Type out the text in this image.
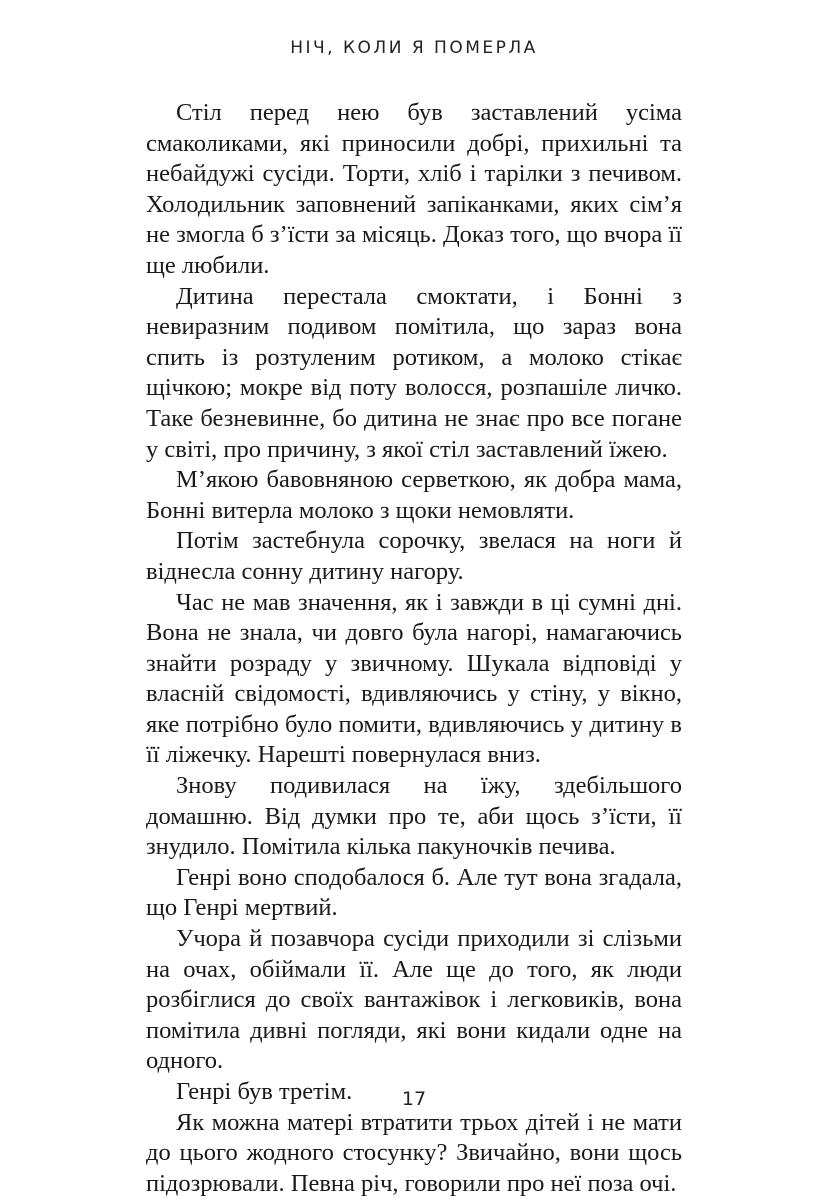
НІЧ, КОЛИ Я ПОМЕРЛА

Стіл перед нею був заставлений усіма смаколиками, які приносили добрі, прихильні та небайдужі сусіди. Торти, хліб і тарілки з печивом. Холодильник заповнений запіканками, яких сім’я не змогла б з’їсти за місяць. Доказ того, що вчора її ще любили.

Дитина перестала смоктати, і Бонні з невиразним подивом помітила, що зараз вона спить із розтуленим ротиком, а молоко стікає щічкою; мокре від поту волосся, розпашіле личко. Таке безневинне, бо дитина не знає про все погане у світі, про причину, з якої стіл заставлений їжею.

М’якою бавовняною серветкою, як добра мама, Бонні витерла молоко з щоки немовляти.

Потім застебнула сорочку, звелася на ноги й віднесла сонну дитину нагору.

Час не мав значення, як і завжди в ці сумні дні. Вона не знала, чи довго була нагорі, намагаючись знайти розраду у звичному. Шукала відповіді у власній свідомості, вдивляючись у стіну, у вікно, яке потрібно було помити, вдивляючись у дитину в її ліжечку. Нарешті повернулася вниз.

Знову подивилася на їжу, здебільшого домашню. Від думки про те, аби щось з’їсти, її знудило. Помітила кілька пакуночків печива.

Генрі воно сподобалося б. Але тут вона згадала, що Генрі мертвий.

Учора й позавчора сусіди приходили зі слізьми на очах, обіймали її. Але ще до того, як люди розбіглися до своїх вантажівок і легковиків, вона помітила дивні погляди, які вони кидали одне на одного.

Генрі був третім.

Як можна матері втратити трьох дітей і не мати до цього жодного стосунку? Звичайно, вони щось підозрювали. Певна річ, говорили про неї поза очі.

17
